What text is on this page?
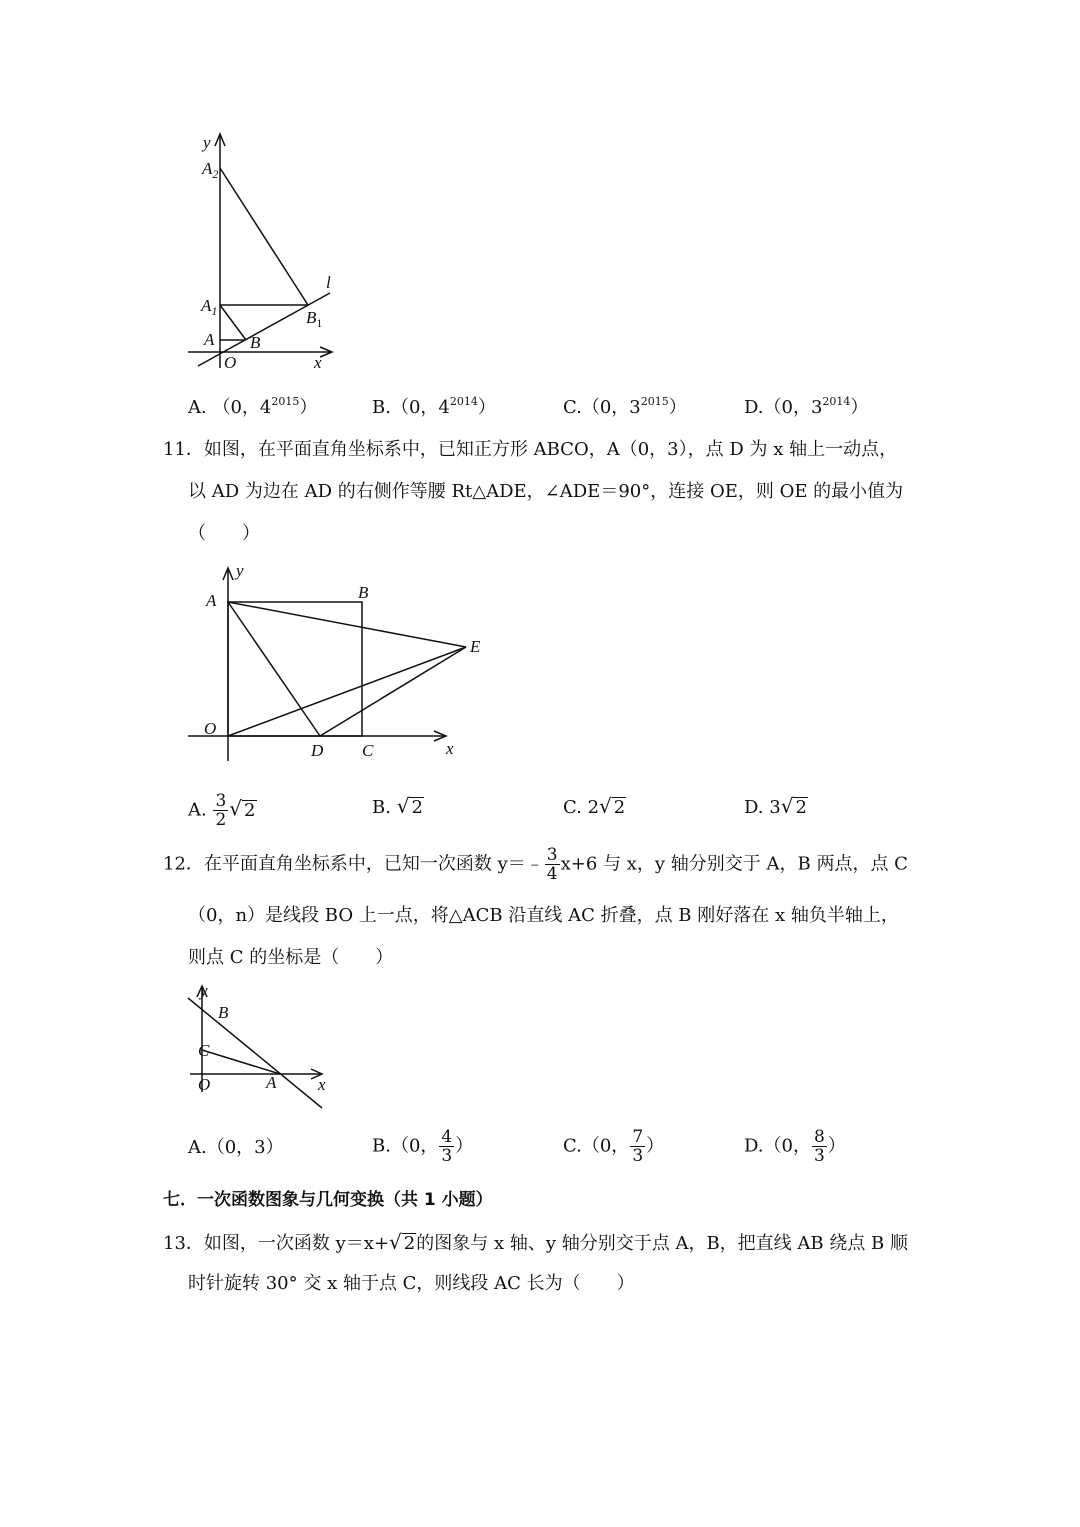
y
$A_2$
l
$A_1$	$B_1$
A B
O	x
A. （0，$4^{2015}$）	B.（0，$4^{2014}$）	C.（0，$3^{2015}$）	D.（0，$3^{2014}$）
11．如图，在平面直角坐标系中，已知正方形 ABCO，A（0，3），点 D 为 x 轴上一动点，
以 AD 为边在 AD 的右侧作等腰 Rt△ADE，∠ADE＝90°，连接 OE，则 OE 的最小值为
（　　）
y
A	B
E
O
D C	x
A. $\frac{3}{2}$ √ 2	B. √ 2	C. 2√ 2	D. 3√ 2
12．在平面直角坐标系中，已知一次函数 y＝﹣ $\frac{3}{4} x+6$ 与 x，y 轴分别交于 A，B 两点，点 C
（0，n）是线段 BO 上一点，将△ACB 沿直线 AC 折叠，点 B 刚好落在 x 轴负半轴上，
则点 C 的坐标是（　　）
y
B
C
O	A x
A.（0，3）	B.（0， $\frac{4}{3}$ ）	C.（0， $\frac{7}{3}$ ）	D.（0， $\frac{8}{3}$ ）
七．一次函数图象与几何变换（共 1 小题）
13．如图，一次函数 y＝x+√ 2的图象与 x 轴、y 轴分别交于点 A，B，把直线 AB 绕点 B 顺
时针旋转 30° 交 x 轴于点 C，则线段 AC 长为（　　）
